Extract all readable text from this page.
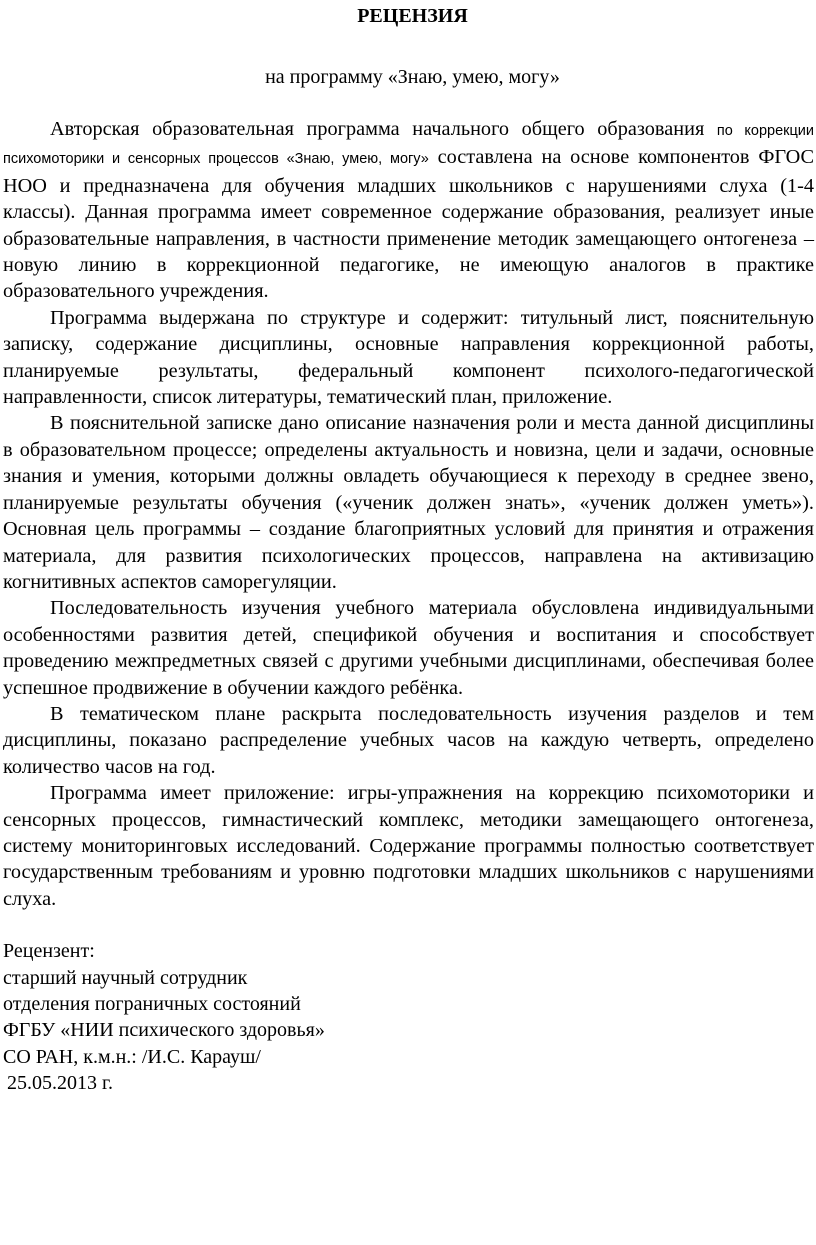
РЕЦЕНЗИЯ
на программу «Знаю, умею, могу»

Авторская образовательная программа начального общего образования по коррекции психомоторики и сенсорных процессов «Знаю, умею, могу» составлена на основе компонентов ФГОС НОО и предназначена для обучения младших школьников с нарушениями слуха (1-4 классы). Данная программа имеет современное содержание образования, реализует иные образовательные направления, в частности применение методик замещающего онтогенеза – новую линию в коррекционной педагогике, не имеющую аналогов в практике образовательного учреждения.

Программа выдержана по структуре и содержит: титульный лист, пояснительную записку, содержание дисциплины, основные направления коррекционной работы, планируемые результаты, федеральный компонент психолого-педагогической направленности, список литературы, тематический план, приложение.

В пояснительной записке дано описание назначения роли и места данной дисциплины в образовательном процессе; определены актуальность и новизна, цели и задачи, основные знания и умения, которыми должны овладеть обучающиеся к переходу в среднее звено, планируемые результаты обучения («ученик должен знать», «ученик должен уметь»). Основная цель программы – создание благоприятных условий для принятия и отражения материала, для развития психологических процессов, направлена на активизацию когнитивных аспектов саморегуляции.

Последовательность изучения учебного материала обусловлена индивидуальными особенностями развития детей, спецификой обучения и воспитания и способствует проведению межпредметных связей с другими учебными дисциплинами, обеспечивая более успешное продвижение в обучении каждого ребёнка.

В тематическом плане раскрыта последовательность изучения разделов и тем дисциплины, показано распределение учебных часов на каждую четверть, определено количество часов на год.

Программа имеет приложение: игры-упражнения на коррекцию психомоторики и сенсорных процессов, гимнастический комплекс, методики замещающего онтогенеза, систему мониторинговых исследований. Содержание программы полностью соответствует государственным требованиям и уровню подготовки младших школьников с нарушениями слуха.

Рецензент:
старший научный сотрудник
отделения пограничных состояний
ФГБУ «НИИ психического здоровья»
СО РАН, к.м.н.: /И.С. Карауш/
25.05.2013 г.
